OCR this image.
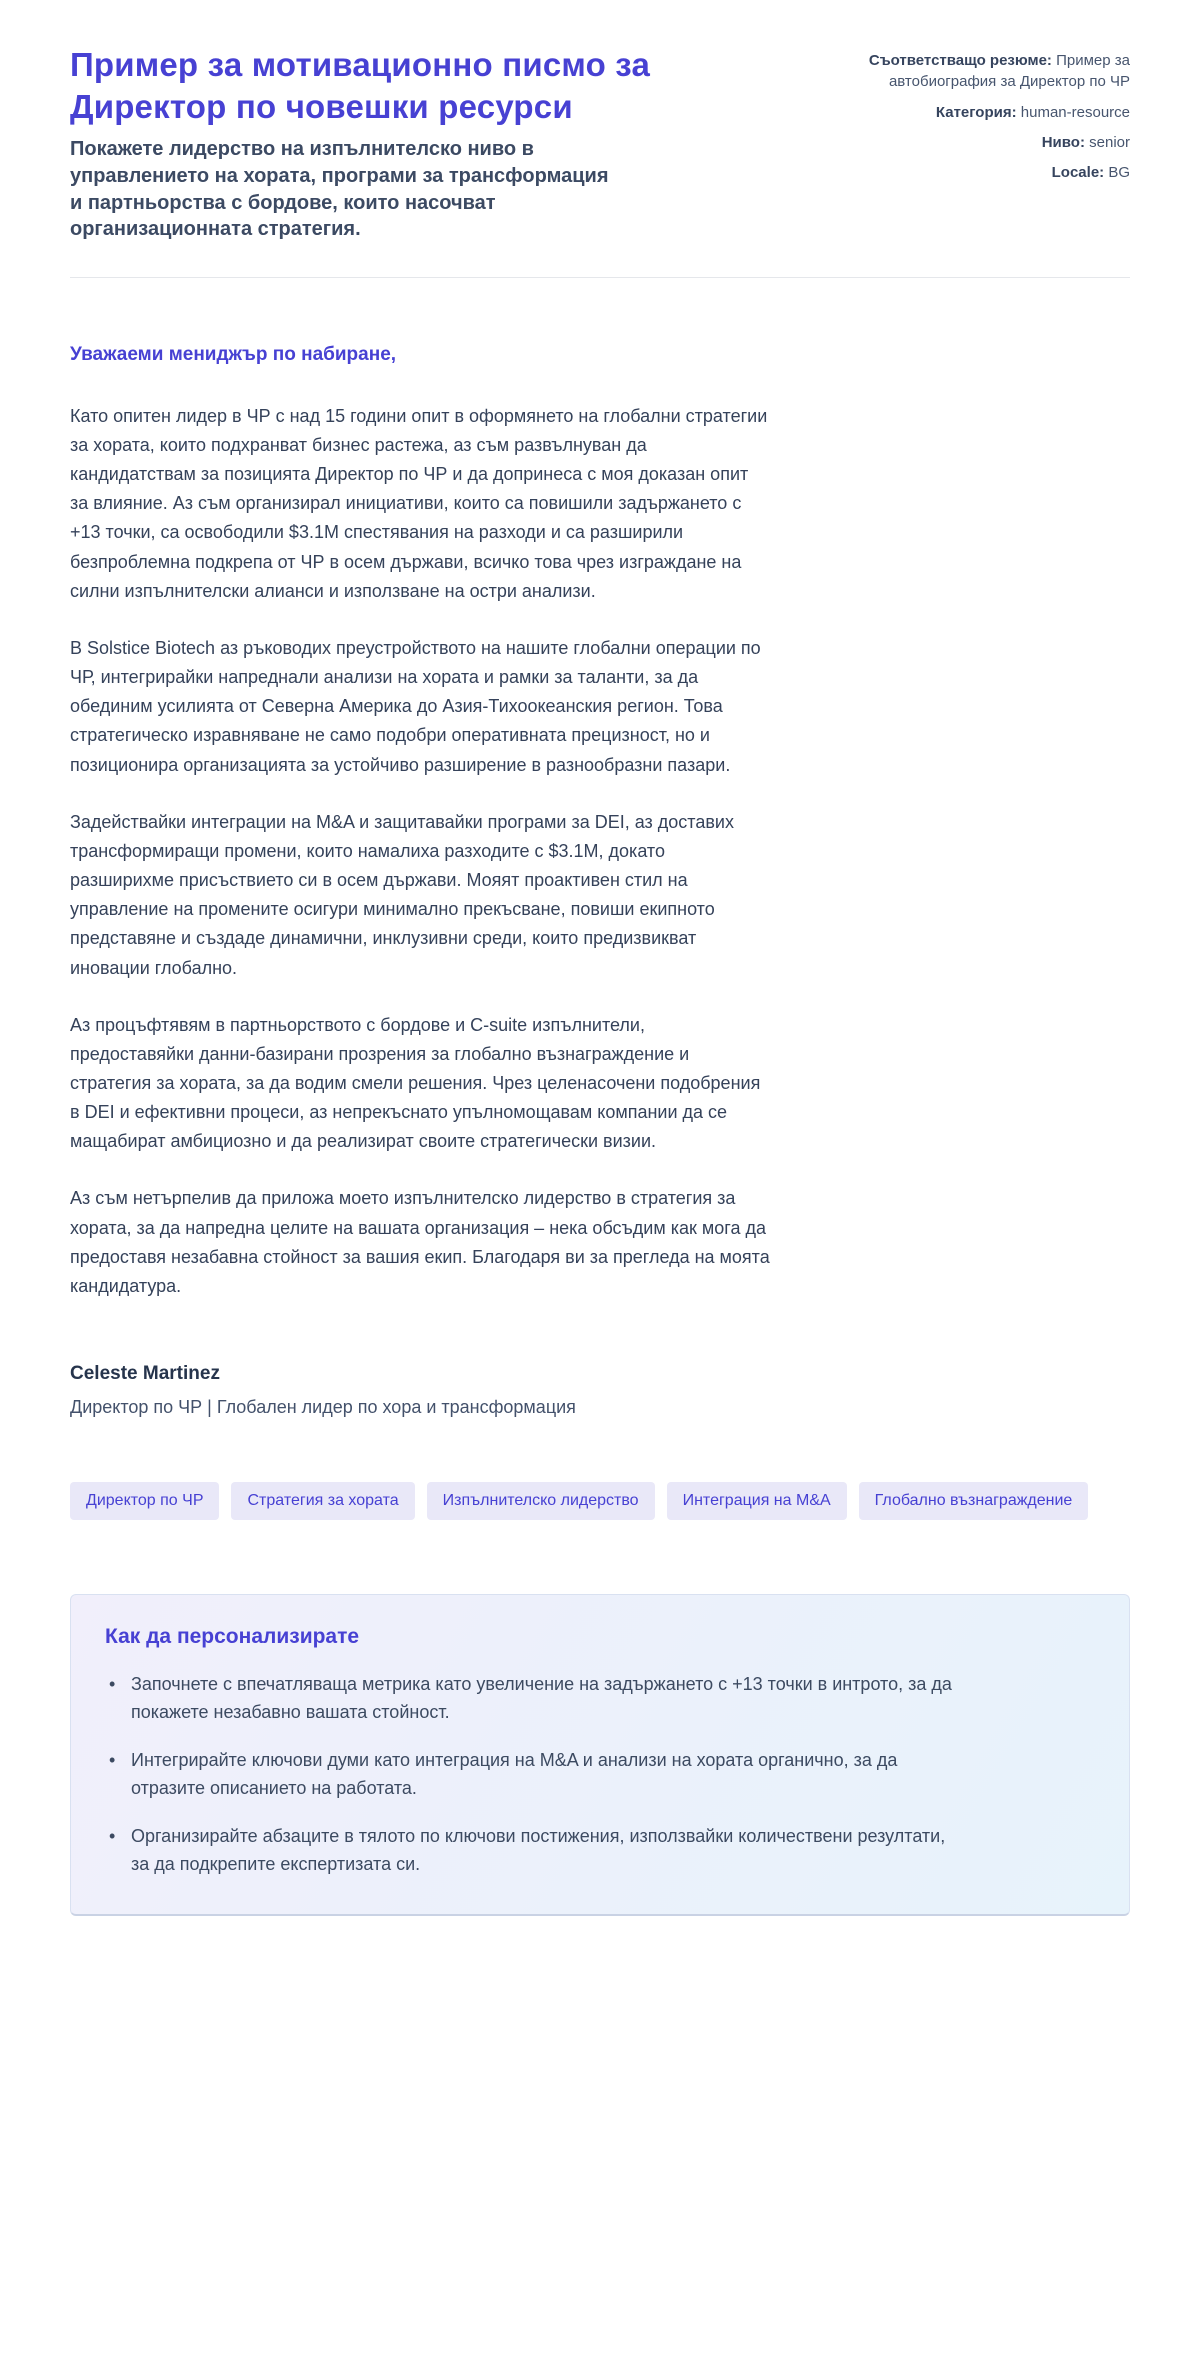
Пример за мотивационно писмо за Директор по човешки ресурси

Покажете лидерство на изпълнителско ниво в управлението на хората, програми за трансформация и партньорства с бордове, които насочват организационната стратегия.

Съответстващо резюме: Пример за автобиография за Директор по ЧР

Категория: human-resource

Ниво: senior

Locale: BG

Уважаеми мениджър по набиране,

Като опитен лидер в ЧР с над 15 години опит в оформянето на глобални стратегии за хората, които подхранват бизнес растежа, аз съм развълнуван да кандидатствам за позицията Директор по ЧР и да допринеса с моя доказан опит за влияние. Аз съм организирал инициативи, които са повишили задържането с +13 точки, са освободили $3.1M спестявания на разходи и са разширили безпроблемна подкрепа от ЧР в осем държави, всичко това чрез изграждане на силни изпълнителски алианси и използване на остри анализи.

В Solstice Biotech аз ръководих преустройството на нашите глобални операции по ЧР, интегрирайки напреднали анализи на хората и рамки за таланти, за да обединим усилията от Северна Америка до Азия-Тихоокеанския регион. Това стратегическо изравняване не само подобри оперативната прецизност, но и позиционира организацията за устойчиво разширение в разнообразни пазари.

Задействайки интеграции на M&A и защитавайки програми за DEI, аз доставих трансформиращи промени, които намалиха разходите с $3.1M, докато разширихме присъствието си в осем държави. Мояят проактивен стил на управление на промените осигури минимално прекъсване, повиши екипното представяне и създаде динамични, инклузивни среди, които предизвикват иновации глобално.

Аз процъфтявям в партньорството с бордове и C-suite изпълнители, предоставяйки данни-базирани прозрения за глобално възнаграждение и стратегия за хората, за да водим смели решения. Чрез целенасочени подобрения в DEI и ефективни процеси, аз непрекъснато упълномощавам компании да се мащабират амбициозно и да реализират своите стратегически визии.

Аз съм нетърпелив да приложа моето изпълнителско лидерство в стратегия за хората, за да напредна целите на вашата организация – нека обсъдим как мога да предоставя незабавна стойност за вашия екип. Благодаря ви за прегледа на моята кандидатура.

Celeste Martinez

Директор по ЧР | Глобален лидер по хора и трансформация

Директор по ЧР	Стратегия за хората	Изпълнителско лидерство	Интеграция на M&A	Глобално възнаграждение
Как да персонализирате
• Започнете с впечатляваща метрика като увеличение на задържането с +13 точки в интрото, за да покажете незабавно вашата стойност.
• Интегрирайте ключови думи като интеграция на M&A и анализи на хората органично, за да отразите описанието на работата.
• Организирайте абзаците в тялото по ключови постижения, използвайки количествени резултати, за да подкрепите експертизата си.
